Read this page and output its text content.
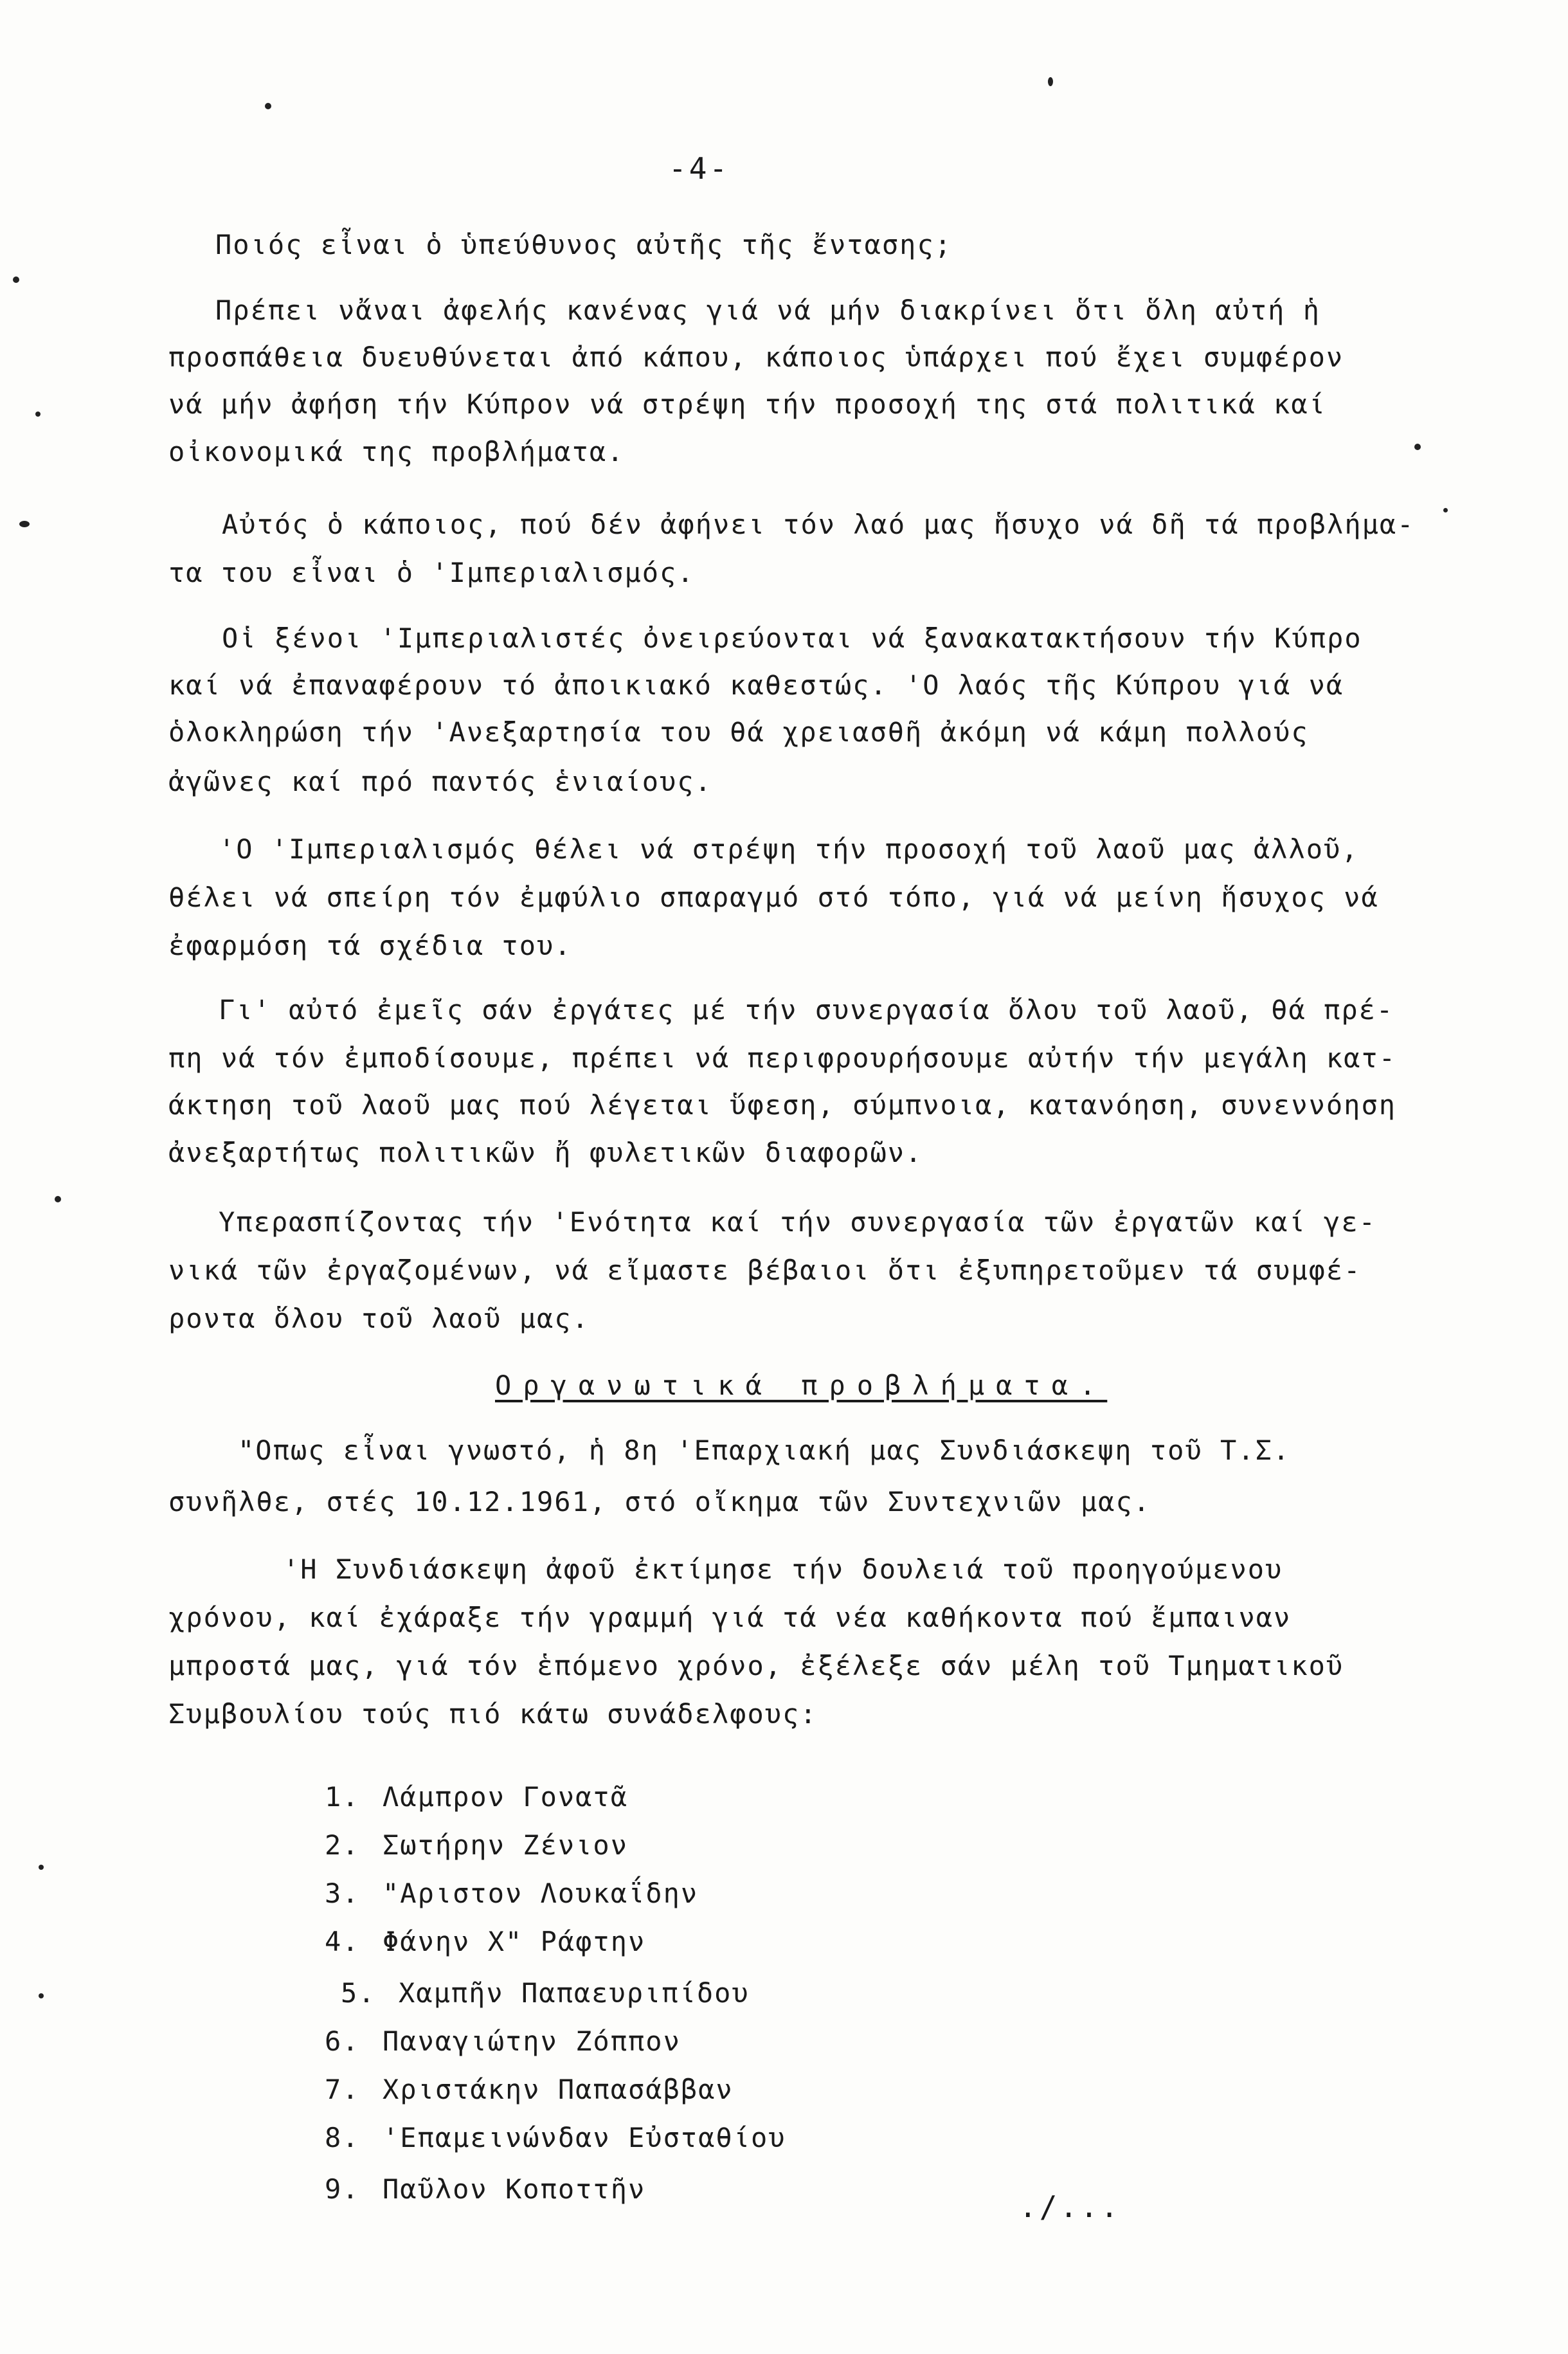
-4-
Ποιός εἶναι ὁ ὑπεύθυνος αὐτῆς τῆς ἔντασης;
Πρέπει νἄναι ἀφελής κανένας γιά νά μήν διακρίνει ὅτι ὅλη αὐτή ἡ
προσπάθεια δυευθύνεται ἀπό κάπου, κάποιος ὑπάρχει πού ἔχει συμφέρον
νά μήν ἀφήση τήν Κύπρον νά στρέψη τήν προσοχή της στά πολιτικά καί
οἰκονομικά της προβλήματα.
Αὐτός ὁ κάποιος, πού δέν ἀφήνει τόν λαό μας ἥσυχο νά δῆ τά προβλήμα-
τα του εἶναι ὁ 'Ιμπεριαλισμός.
Οἱ ξένοι 'Ιμπεριαλιστές ὀνειρεύονται νά ξανακατακτήσουν τήν Κύπρο
καί νά ἐπαναφέρουν τό ἀποικιακό καθεστώς. 'Ο λαός τῆς Κύπρου γιά νά
ὁλοκληρώση τήν 'Ανεξαρτησία του θά χρειασθῆ ἀκόμη νά κάμη πολλούς
ἀγῶνες καί πρό παντός ἑνιαίους.
'Ο 'Ιμπεριαλισμός θέλει νά στρέψη τήν προσοχή τοῦ λαοῦ μας ἀλλοῦ,
θέλει νά σπείρη τόν ἐμφύλιο σπαραγμό στό τόπο, γιά νά μείνη ἥσυχος νά
ἐφαρμόση τά σχέδια του.
Γι' αὐτό ἐμεῖς σάν ἐργάτες μέ τήν συνεργασία ὅλου τοῦ λαοῦ, θά πρέ-
πη νά τόν ἐμποδίσουμε, πρέπει νά περιφρουρήσουμε αὐτήν τήν μεγάλη κατ-
άκτηση τοῦ λαοῦ μας πού λέγεται ὕφεση, σύμπνοια, κατανόηση, συνεννόηση
ἀνεξαρτήτως πολιτικῶν ἤ φυλετικῶν διαφορῶν.
Υπερασπίζοντας τήν 'Ενότητα καί τήν συνεργασία τῶν ἐργατῶν καί γε-
νικά τῶν ἐργαζομένων, νά εἴμαστε βέβαιοι ὅτι ἐξυπηρετοῦμεν τά συμφέ-
ροντα ὅλου τοῦ λαοῦ μας.
Οργανωτικά προβλήματα.
"Οπως εἶναι γνωστό, ἡ 8η 'Επαρχιακή μας Συνδιάσκεψη τοῦ Τ.Σ.
συνῆλθε, στές 10.12.1961, στό οἴκημα τῶν Συντεχνιῶν μας.
'Η Συνδιάσκεψη ἀφοῦ ἐκτίμησε τήν δουλειά τοῦ προηγούμενου
χρόνου, καί ἐχάραξε τήν γραμμή γιά τά νέα καθήκοντα πού ἔμπαιναν
μπροστά μας, γιά τόν ἑπόμενο χρόνο, ἐξέλεξε σάν μέλη τοῦ Τμηματικοῦ
Συμβουλίου τούς πιό κάτω συνάδελφους:
1. Λάμπρον Γονατᾶ
2. Σωτήρην Ζένιον
3. "Αριστον Λουκαΐδην
4. Φάνην Χ" Ράφτην
5. Χαμπῆν Παπαευριπίδου
6. Παναγιώτην Ζόππον
7. Χριστάκην Παπασάββαν
8. 'Επαμεινώνδαν Εὐσταθίου
9. Παῦλον Κοποττῆν
./...
